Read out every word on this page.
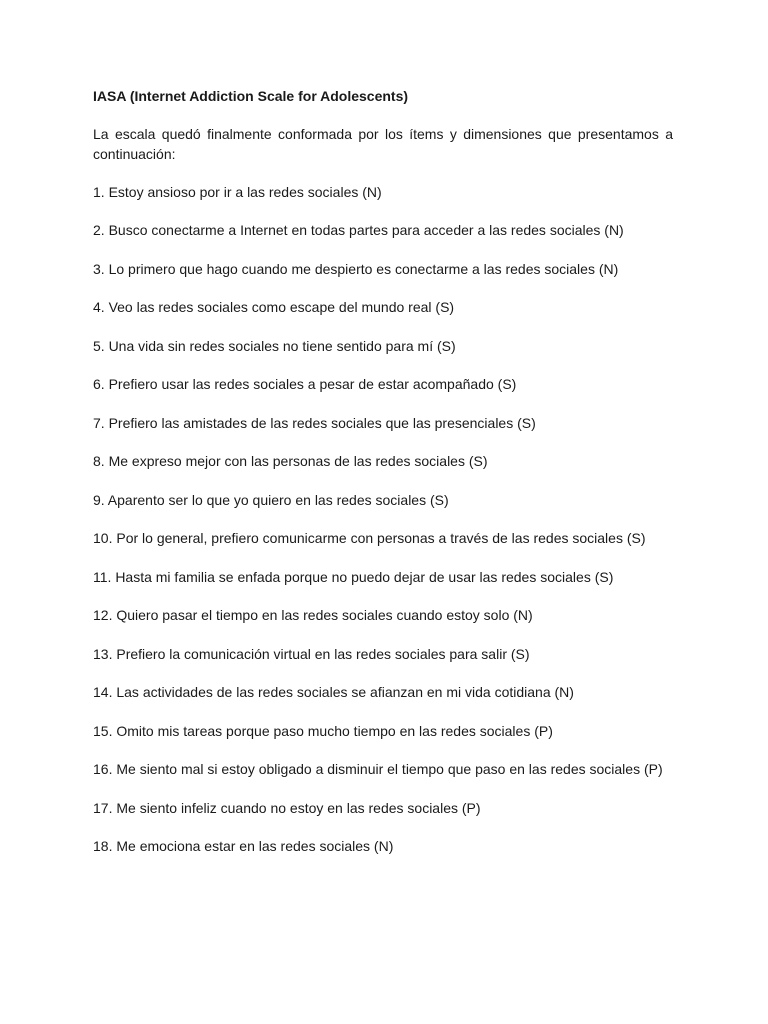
IASA (Internet Addiction Scale for Adolescents)
La escala quedó finalmente conformada por los ítems y dimensiones que presentamos a continuación:
1. Estoy ansioso por ir a las redes sociales (N)
2. Busco conectarme a Internet en todas partes para acceder a las redes sociales (N)
3. Lo primero que hago cuando me despierto es conectarme a las redes sociales (N)
4. Veo las redes sociales como escape del mundo real (S)
5. Una vida sin redes sociales no tiene sentido para mí (S)
6. Prefiero usar las redes sociales a pesar de estar acompañado (S)
7. Prefiero las amistades de las redes sociales que las presenciales (S)
8. Me expreso mejor con las personas de las redes sociales (S)
9. Aparento ser lo que yo quiero en las redes sociales (S)
10. Por lo general, prefiero comunicarme con personas a través de las redes sociales (S)
11. Hasta mi familia se enfada porque no puedo dejar de usar las redes sociales (S)
12. Quiero pasar el tiempo en las redes sociales cuando estoy solo (N)
13. Prefiero la comunicación virtual en las redes sociales para salir (S)
14. Las actividades de las redes sociales se afianzan en mi vida cotidiana (N)
15. Omito mis tareas porque paso mucho tiempo en las redes sociales (P)
16. Me siento mal si estoy obligado a disminuir el tiempo que paso en las redes sociales (P)
17. Me siento infeliz cuando no estoy en las redes sociales (P)
18. Me emociona estar en las redes sociales (N)
